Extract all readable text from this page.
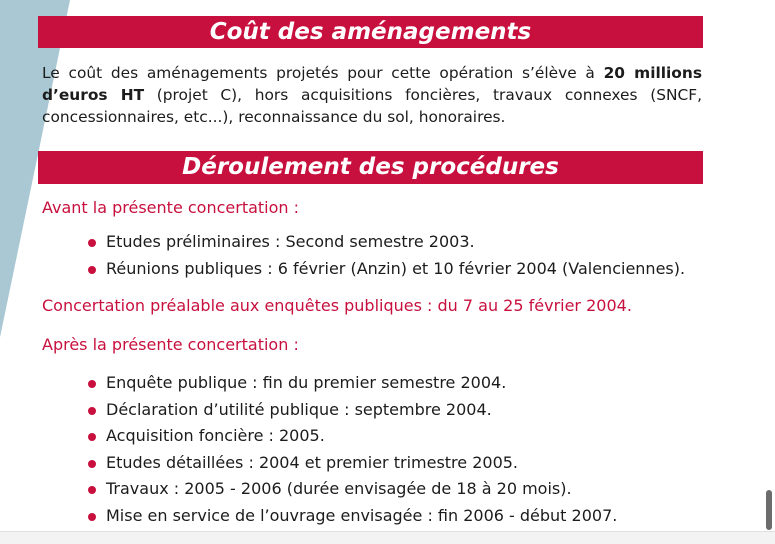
Coût des aménagements
Le coût des aménagements projetés pour cette opération s’élève à 20 millions d’euros HT (projet C), hors acquisitions foncières, travaux connexes (SNCF, concessionnaires, etc...), reconnaissance du sol, honoraires.
Déroulement des procédures
Avant la présente concertation :
Etudes préliminaires : Second semestre 2003.
Réunions publiques : 6 février (Anzin) et 10 février 2004 (Valenciennes).
Concertation préalable aux enquêtes publiques : du 7 au 25 février 2004.
Après la présente concertation :
Enquête publique : fin du premier semestre 2004.
Déclaration d’utilité publique : septembre 2004.
Acquisition foncière : 2005.
Etudes détaillées : 2004 et premier trimestre 2005.
Travaux : 2005 - 2006 (durée envisagée de 18 à 20 mois).
Mise en service de l’ouvrage envisagée : fin 2006 - début 2007.
